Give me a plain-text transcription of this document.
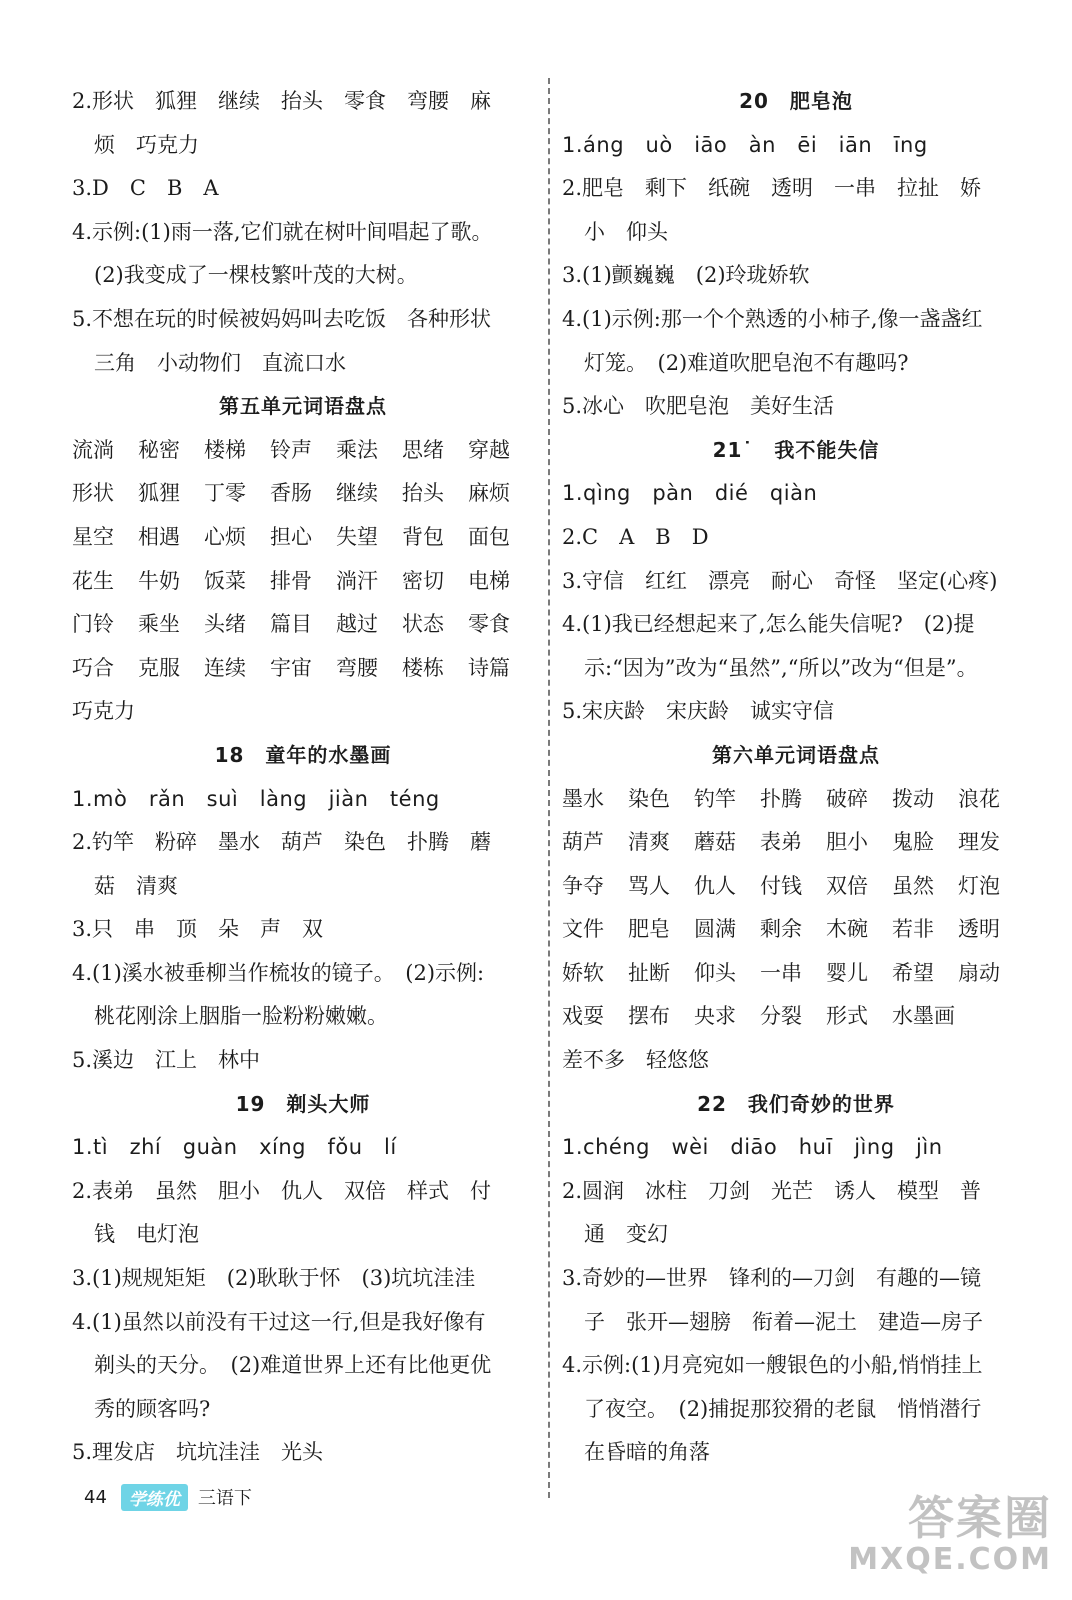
2.形状　狐狸　继续　抬头　零食　弯腰　麻
烦　巧克力
3.D　C　B　A
4.示例:(1)雨一落,它们就在树叶间唱起了歌。
(2)我变成了一棵枝繁叶茂的大树。
5.不想在玩的时候被妈妈叫去吃饭　各种形状
三角　小动物们　直流口水
第五单元词语盘点
流淌	秘密	楼梯	铃声	乘法	思绪	穿越
形状	狐狸	丁零	香肠	继续	抬头	麻烦
星空	相遇	心烦	担心	失望	背包	面包
花生	牛奶	饭菜	排骨	淌汗	密切	电梯
门铃	乘坐	头绪	篇目	越过	状态	零食
巧合	克服	连续	宇宙	弯腰	楼栋	诗篇
巧克力
18　童年的水墨画
1.mò　rǎn　suì　làng　jiàn　téng
2.钓竿　粉碎　墨水　葫芦　染色　扑腾　蘑
菇　清爽
3.只　串　顶　朵　声　双
4.(1)溪水被垂柳当作梳妆的镜子。　(2)示例:
桃花刚涂上胭脂一脸粉粉嫩嫩。
5.溪边　江上　林中
19　剃头大师
1.tì　zhí　guàn　xíng　fǒu　lí
2.表弟　虽然　胆小　仇人　双倍　样式　付
钱　电灯泡
3.(1)规规矩矩　(2)耿耿于怀　(3)坑坑洼洼
4.(1)虽然以前没有干过这一行,但是我好像有
剃头的天分。　(2)难道世界上还有比他更优
秀的顾客吗?
5.理发店　坑坑洼洼　光头
20　肥皂泡
1.áng　uò　iāo　àn　ēi　iān　īng
2.肥皂　剩下　纸碗　透明　一串　拉扯　娇
小　仰头
3.(1)颤巍巍　(2)玲珑娇软
4.(1)示例:那一个个熟透的小柿子,像一盏盏红
灯笼。　(2)难道吹肥皂泡不有趣吗?
5.冰心　吹肥皂泡　美好生活
21˙　我不能失信
1.qìng　pàn　dié　qiàn
2.C　A　B　D
3.守信　红红　漂亮　耐心　奇怪　坚定(心疼)
4.(1)我已经想起来了,怎么能失信呢?　(2)提
示:“因为”改为“虽然”,“所以”改为“但是”。
5.宋庆龄　宋庆龄　诚实守信
第六单元词语盘点
墨水	染色	钓竿	扑腾	破碎	拨动	浪花
葫芦	清爽	蘑菇	表弟	胆小	鬼脸	理发
争夺	骂人	仇人	付钱	双倍	虽然	灯泡
文件	肥皂	圆满	剩余	木碗	若非	透明
娇软	扯断	仰头	一串	婴儿	希望	扇动
戏耍	摆布	央求	分裂	形式	水墨画
差不多　轻悠悠
22　我们奇妙的世界
1.chéng　wèi　diāo　huī　jìng　jìn
2.圆润　冰柱　刀剑　光芒　诱人　模型　普
通　变幻
3.奇妙的—世界　锋利的—刀剑　有趣的—镜
子　张开—翅膀　衔着—泥土　建造—房子
4.示例:(1)月亮宛如一艘银色的小船,悄悄挂上
了夜空。　(2)捕捉那狡猾的老鼠　悄悄潜行
在昏暗的角落
44	学练优	三语下	答案圈
MXQE.COM
